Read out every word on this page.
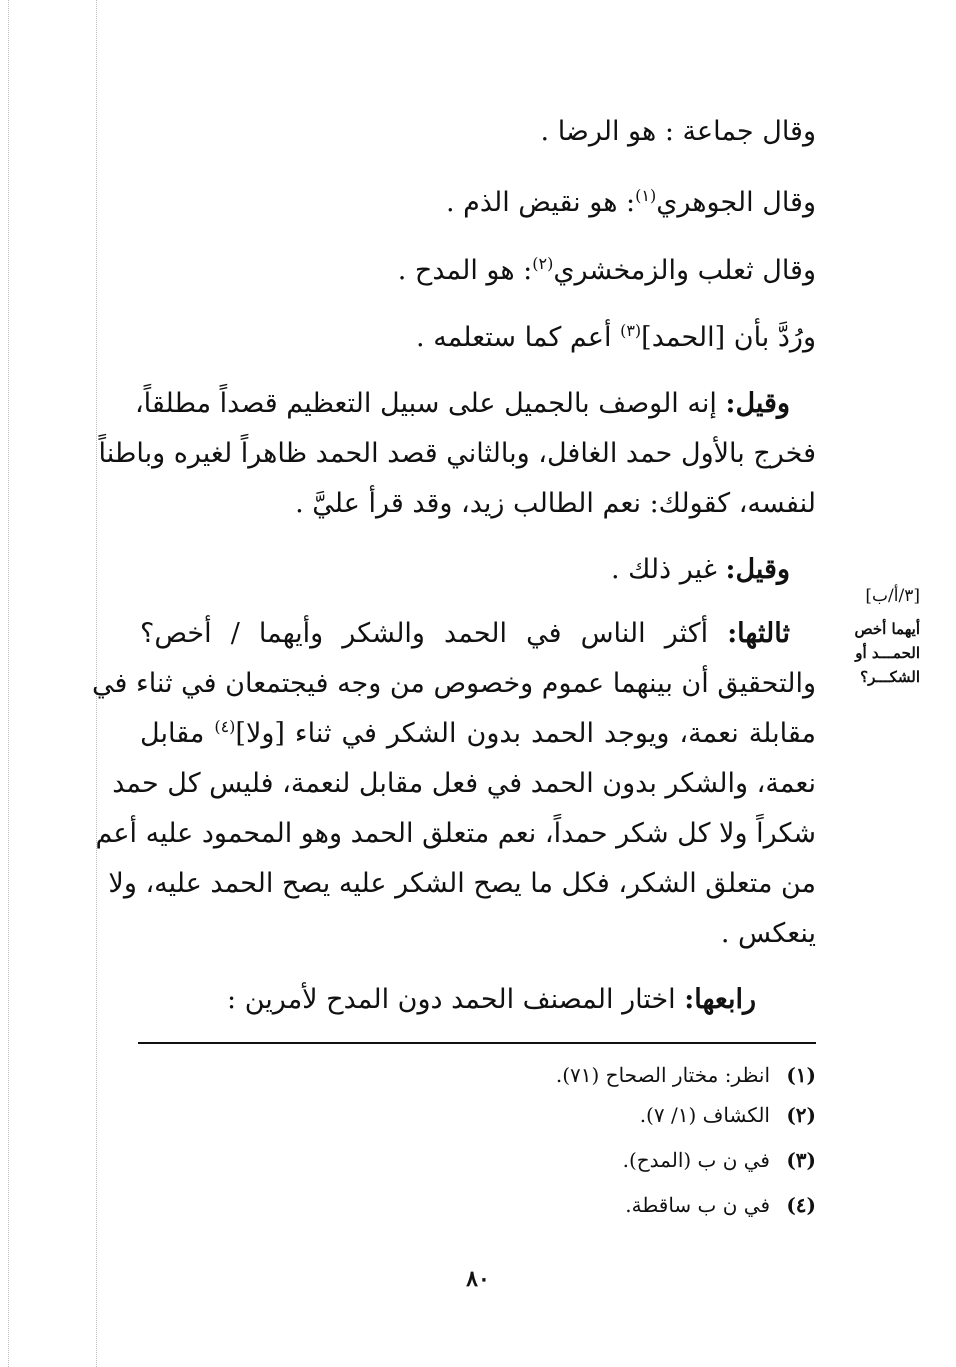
وقال جماعة : هو الرضا .
وقال الجوهري$^{(١)}$: هو نقيض الذم .
وقال ثعلب والزمخشري$^{(٢)}$: هو المدح .
ورُدَّ بأن [الحمد]$^{(٣)}$ أعم كما ستعلمه .
وقيل: إنه الوصف بالجميل على سبيل التعظيم قصداً مطلقاً،
فخرج بالأول حمد الغافل، وبالثاني قصد الحمد ظاهراً لغيره وباطناً
لنفسه، كقولك: نعم الطالب زيد، وقد قرأ عليَّ .
وقيل: غير ذلك .
[٣/أ/ب]
أيهما أخص
الحمـــد أو
الشكـــر؟
ثالثها: أكثر الناس في الحمد والشكر وأيهما / أخص؟
والتحقيق أن بينهما عموم وخصوص من وجه فيجتمعان في ثناء في
مقابلة نعمة، ويوجد الحمد بدون الشكر في ثناء [ولا]$^{(٤)}$ مقابل
نعمة، والشكر بدون الحمد في فعل مقابل لنعمة، فليس كل حمد
شكراً ولا كل شكر حمداً، نعم متعلق الحمد وهو المحمود عليه أعم
من متعلق الشكر، فكل ما يصح الشكر عليه يصح الحمد عليه، ولا
ينعكس .
رابعها: اختار المصنف الحمد دون المدح لأمرين :
(١)انظر: مختار الصحاح (٧١).
(٢)الكشاف (١/ ٧).
(٣)في ن ب (المدح).
(٤)في ن ب ساقطة.
٨٠
